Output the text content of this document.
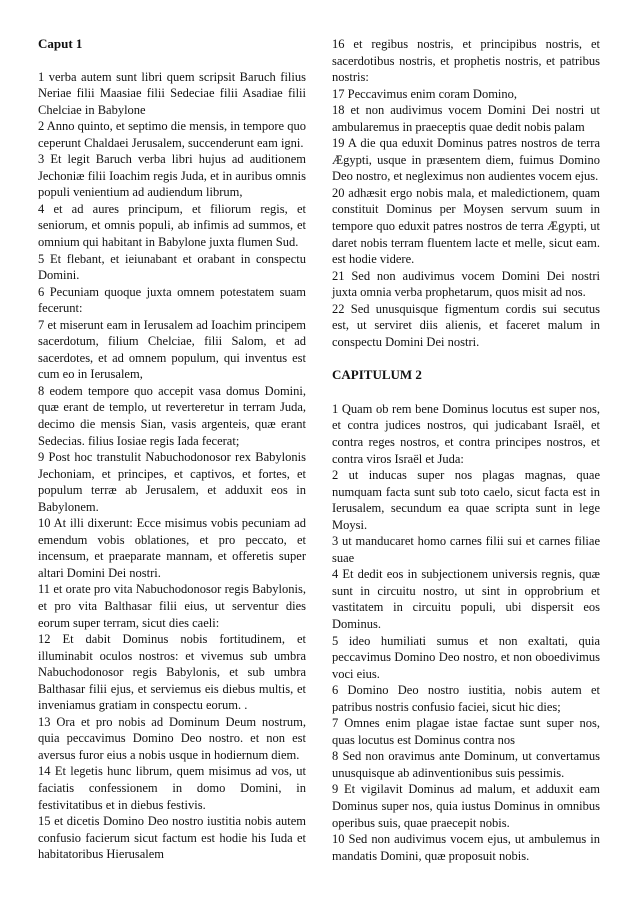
Caput 1

1 verba autem sunt libri quem scripsit Baruch filius Neriae filii Maasiae filii Sedeciae filii Asadiae filii Chelciae in Babylone

2 Anno quinto, et septimo die mensis, in tempore quo ceperunt Chaldaei Jerusalem, succenderunt eam igni.

3 Et legit Baruch verba libri hujus ad auditionem Jechoniæ filii Ioachim regis Juda, et in auribus omnis populi venientium ad audiendum librum,

4 et ad aures principum, et filiorum regis, et seniorum, et omnis populi, ab infimis ad summos, et omnium qui habitant in Babylone juxta flumen Sud.

5 Et flebant, et ieiunabant et orabant in conspectu Domini.

6 Pecuniam quoque juxta omnem potestatem suam fecerunt:

7 et miserunt eam in Ierusalem ad Ioachim principem sacerdotum, filium Chelciae, filii Salom, et ad sacerdotes, et ad omnem populum, qui inventus est cum eo in Ierusalem,

8 eodem tempore quo accepit vasa domus Domini, quæ erant de templo, ut reverteretur in terram Juda, decimo die mensis Sian, vasis argenteis, quæ erant Sedecias. filius Iosiae regis Iada fecerat;

9 Post hoc transtulit Nabuchodonosor rex Babylonis Jechoniam, et principes, et captivos, et fortes, et populum terræ ab Jerusalem, et adduxit eos in Babylonem.

10 At illi dixerunt: Ecce misimus vobis pecuniam ad emendum vobis oblationes, et pro peccato, et incensum, et praeparate mannam, et offeretis super altari Domini Dei nostri.

11 et orate pro vita Nabuchodonosor regis Babylonis, et pro vita Balthasar filii eius, ut serventur dies eorum super terram, sicut dies caeli:

12 Et dabit Dominus nobis fortitudinem, et illuminabit oculos nostros: et vivemus sub umbra Nabuchodonosor regis Babylonis, et sub umbra Balthasar filii ejus, et serviemus eis diebus multis, et inveniamus gratiam in conspectu eorum. .

13 Ora et pro nobis ad Dominum Deum nostrum, quia peccavimus Domino Deo nostro. et non est aversus furor eius a nobis usque in hodiernum diem.

14 Et legetis hunc librum, quem misimus ad vos, ut faciatis confessionem in domo Domini, in festivitatibus et in diebus festivis.

15 et dicetis Domino Deo nostro iustitia nobis autem confusio facierum sicut factum est hodie his Iuda et habitatoribus Hierusalem

16 et regibus nostris, et principibus nostris, et sacerdotibus nostris, et prophetis nostris, et patribus nostris:

17 Peccavimus enim coram Domino,

18 et non audivimus vocem Domini Dei nostri ut ambularemus in praeceptis quae dedit nobis palam

19 A die qua eduxit Dominus patres nostros de terra Ægypti, usque in præsentem diem, fuimus Domino Deo nostro, et negleximus non audientes vocem ejus.

20 adhæsit ergo nobis mala, et maledictionem, quam constituit Dominus per Moysen servum suum in tempore quo eduxit patres nostros de terra Ægypti, ut daret nobis terram fluentem lacte et melle, sicut eam. est hodie videre.

21 Sed non audivimus vocem Domini Dei nostri juxta omnia verba prophetarum, quos misit ad nos.

22 Sed unusquisque figmentum cordis sui secutus est, ut serviret diis alienis, et faceret malum in conspectu Domini Dei nostri.

CAPITULUM 2

1 Quam ob rem bene Dominus locutus est super nos, et contra judices nostros, qui judicabant Israël, et contra reges nostros, et contra principes nostros, et contra viros Israël et Juda:

2 ut inducas super nos plagas magnas, quae numquam facta sunt sub toto caelo, sicut facta est in Ierusalem, secundum ea quae scripta sunt in lege Moysi.

3 ut manducaret homo carnes filii sui et carnes filiae suae

4 Et dedit eos in subjectionem universis regnis, quæ sunt in circuitu nostro, ut sint in opprobrium et vastitatem in circuitu populi, ubi dispersit eos Dominus.

5 ideo humiliati sumus et non exaltati, quia peccavimus Domino Deo nostro, et non oboedivimus voci eius.

6 Domino Deo nostro iustitia, nobis autem et patribus nostris confusio faciei, sicut hic dies;

7 Omnes enim plagae istae factae sunt super nos, quas locutus est Dominus contra nos

8 Sed non oravimus ante Dominum, ut convertamus unusquisque ab adinventionibus suis pessimis.

9 Et vigilavit Dominus ad malum, et adduxit eam Dominus super nos, quia iustus Dominus in omnibus operibus suis, quae praecepit nobis.

10 Sed non audivimus vocem ejus, ut ambulemus in mandatis Domini, quæ proposuit nobis.
